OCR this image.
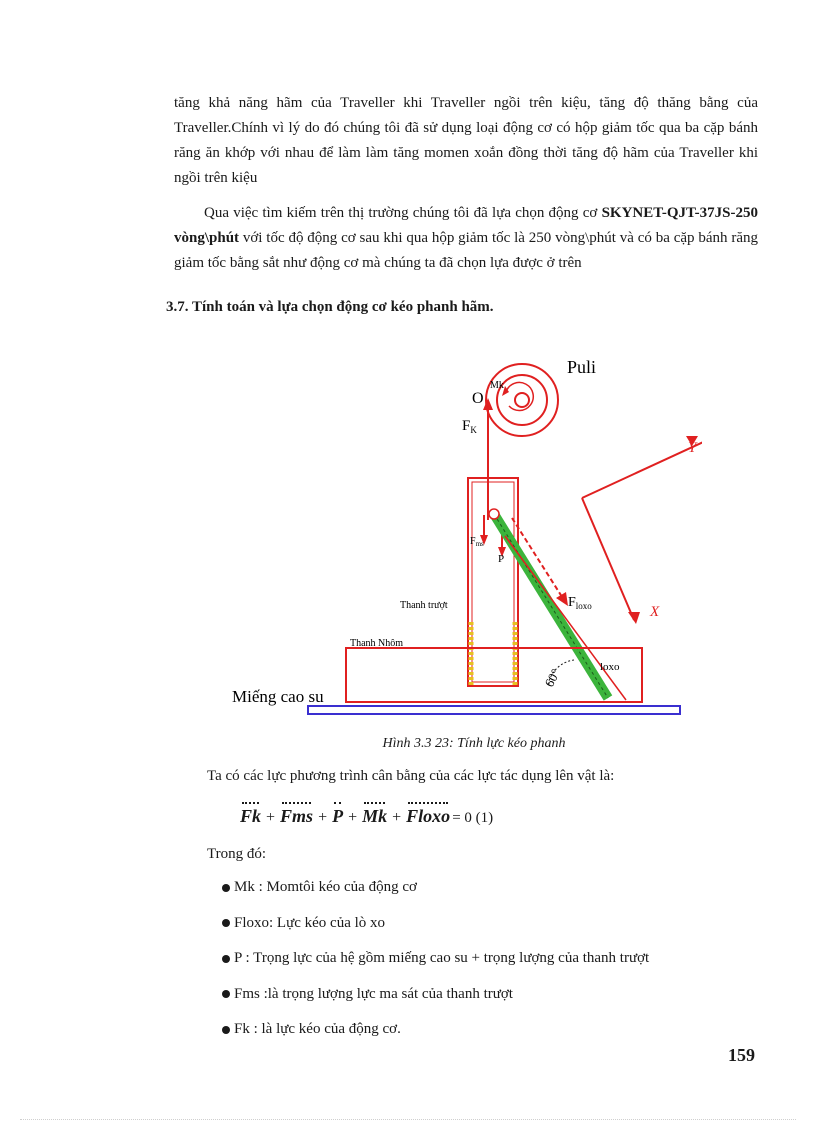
tăng khả năng hãm của Traveller khi Traveller ngồi trên kiệu, tăng độ thăng bằng của Traveller.Chính vì lý do đó chúng tôi đã sử dụng loại động cơ có hộp giảm tốc qua ba cặp bánh răng ăn khớp với nhau để làm làm tăng momen xoắn đồng thời tăng độ hãm của Traveller khi ngồi trên kiệu

Qua việc tìm kiếm trên thị trường chúng tôi đã lựa chọn động cơ SKYNET-QJT-37JS-250 vòng\phút với tốc độ động cơ sau khi qua hộp giảm tốc là 250 vòng\phút và có ba cặp bánh răng giảm tốc bằng sắt như động cơ mà chúng ta đã chọn lựa được ở trên

3.7. Tính toán và lựa chọn động cơ kéo phanh hãm.
Puli
O
Mk
$F_K$
$F_{ms}$
P
$F_{loxo}$
Y
X
Thanh trượt
Thanh Nhôm
60°	loxo
Miếng cao su
Hình 3.3 23: Tính lực kéo phanh
Ta có các lực phương trình cân bằng của các lực tác dụng lên vật là:
Fk + Fms + P + Mk + Floxo = 0 (1)
Trong đó:
Mk : Momtôi kéo của động cơ
Floxo: Lực kéo của lò xo
P : Trọng lực của hệ gồm miếng cao su + trọng lượng của thanh trượt
Fms :là trọng lượng lực ma sát của thanh trượt
Fk : là lực kéo của động cơ.
159
